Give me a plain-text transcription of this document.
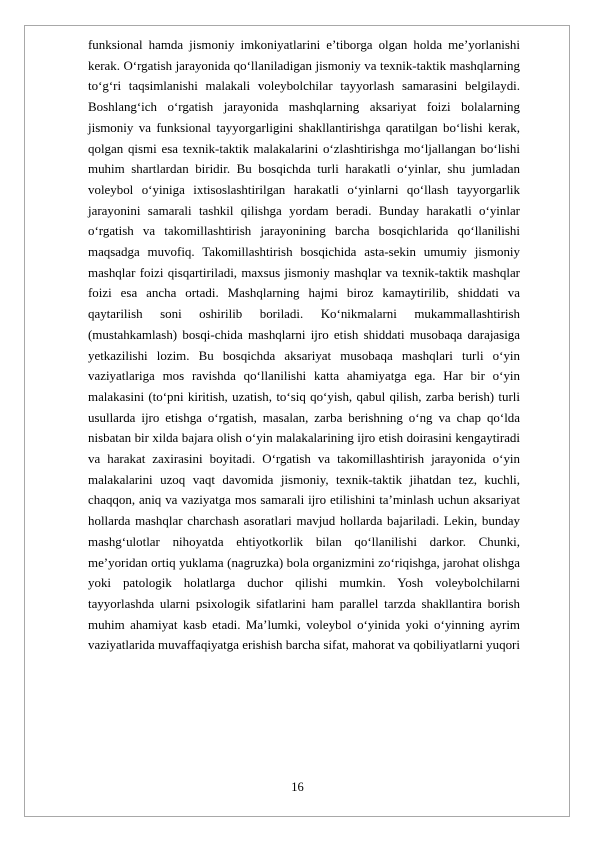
funksional hamda jismoniy imkoniyatlarini e’tiborga olgan holda me’yorlanishi kerak. O‘rgatish jarayonida qo‘llaniladigan jismoniy va texnik-taktik mashqlarning to‘g‘ri taqsimlanishi malakali voleybolchilar tayyorlash samarasini belgilaydi. Boshlang‘ich o‘rgatish jarayonida mashqlarning aksariyat foizi bolalarning jismoniy va funksional tayyorgarligini shakllantirishga qaratilgan bo‘lishi kerak, qolgan qismi esa texnik-taktik malakalarini o‘zlashtirishga mo‘ljallangan bo‘lishi muhim shartlardan biridir. Bu bosqichda turli harakatli o‘yinlar, shu jumladan voleybol o‘yiniga ixtisoslashtirilgan harakatli o‘yinlarni qo‘llash tayyorgarlik jarayonini samarali tashkil qilishga yordam beradi. Bunday harakatli o‘yinlar o‘rgatish va takomillashtirish jarayonining barcha bosqichlarida qo‘llanilishi maqsadga muvofiq. Takomillashtirish bosqichida asta-sekin umumiy jismoniy mashqlar foizi qisqartiriladi, maxsus jismoniy mashqlar va texnik-taktik mashqlar foizi esa ancha ortadi. Mashqlarning hajmi biroz kamaytirilib, shiddati va qaytarilish soni oshirilib boriladi. Ko‘nikmalarni mukammallashtirish (mustahkamlash) bosqi-chida mashqlarni ijro etish shiddati musobaqa darajasiga yetkazilishi lozim. Bu bosqichda aksariyat musobaqa mashqlari turli o‘yin vaziyatlariga mos ravishda qo‘llanilishi katta ahamiyatga ega. Har bir o‘yin malakasini (to‘pni kiritish, uzatish, to‘siq qo‘yish, qabul qilish, zarba berish) turli usullarda ijro etishga o‘rgatish, masalan, zarba berishning o‘ng va chap qo‘lda nisbatan bir xilda bajara olish o‘yin malakalarining ijro etish doirasini kengaytiradi va harakat zaxirasini boyitadi. O‘rgatish va takomillashtirish jarayonida o‘yin malakalarini uzoq vaqt davomida jismoniy, texnik-taktik jihatdan tez, kuchli, chaqqon, aniq va vaziyatga mos samarali ijro etilishini ta’minlash uchun aksariyat hollarda mashqlar charchash asoratlari mavjud hollarda bajariladi. Lekin, bunday mashg‘ulotlar nihoyatda ehtiyotkorlik bilan qo‘llanilishi darkor. Chunki, me’yoridan ortiq yuklama (nagruzka) bola organizmini zo‘riqishga, jarohat olishga yoki patologik holatlarga duchor qilishi mumkin. Yosh voleybolchilarni tayyorlashda ularni psixologik sifatlarini ham parallel tarzda shakllantira borish muhim ahamiyat kasb etadi. Ma’lumki, voleybol o‘yinida yoki o‘yinning ayrim vaziyatlarida muvaffaqiyatga erishish barcha sifat, mahorat va qobiliyatlarni yuqori

16
